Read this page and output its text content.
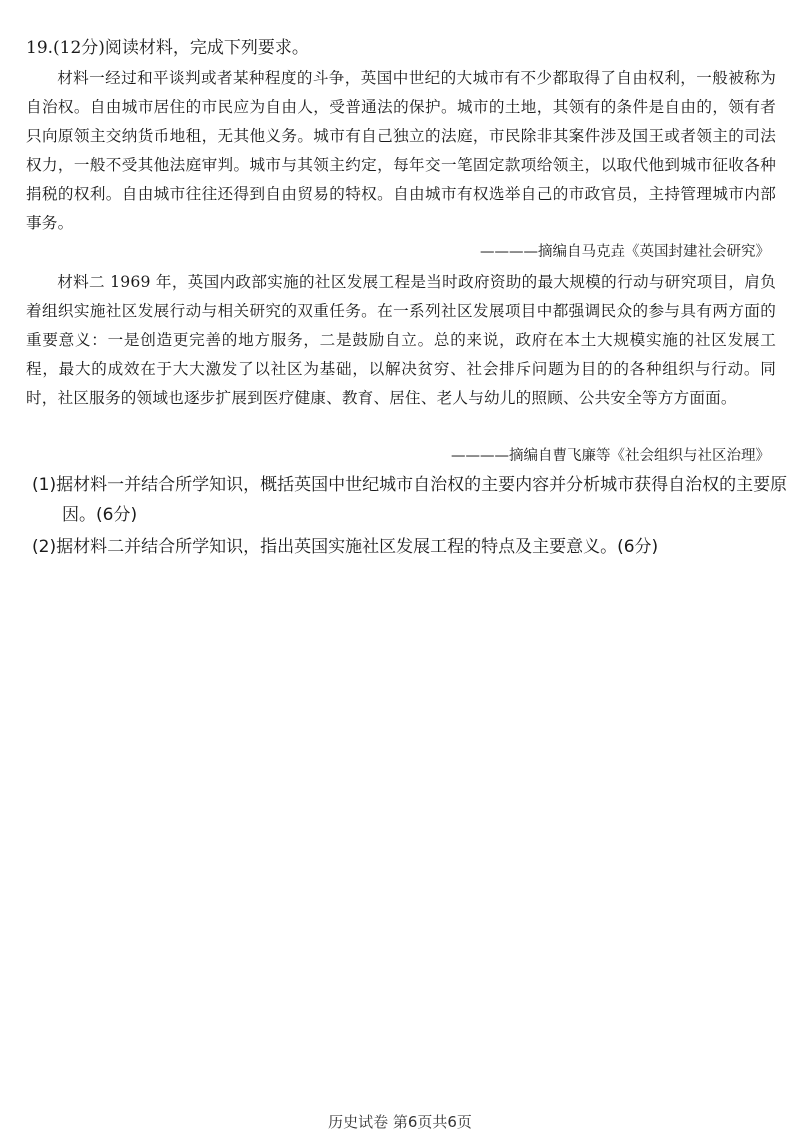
19.(12分)阅读材料，完成下列要求。

材料一经过和平谈判或者某种程度的斗争，英国中世纪的大城市有不少都取得了自由权利，一般被称为自治权。自由城市居住的市民应为自由人，受普通法的保护。城市的土地，其领有的条件是自由的，领有者只向原领主交纳货币地租，无其他义务。城市有自己独立的法庭，市民除非其案件涉及国王或者领主的司法权力，一般不受其他法庭审判。城市与其领主约定，每年交一笔固定款项给领主，以取代他到城市征收各种捐税的权利。自由城市往往还得到自由贸易的特权。自由城市有权选举自己的市政官员，主持管理城市内部事务。

————摘编自马克垚《英国封建社会研究》

材料二 1969 年，英国内政部实施的社区发展工程是当时政府资助的最大规模的行动与研究项目，肩负着组织实施社区发展行动与相关研究的双重任务。在一系列社区发展项目中都强调民众的参与具有两方面的重要意义：一是创造更完善的地方服务，二是鼓励自立。总的来说，政府在本土大规模实施的社区发展工程，最大的成效在于大大激发了以社区为基础，以解决贫穷、社会排斥问题为目的的各种组织与行动。同时，社区服务的领域也逐步扩展到医疗健康、教育、居住、老人与幼儿的照顾、公共安全等方方面面。

————摘编自曹飞廉等《社会组织与社区治理》

(1)据材料一并结合所学知识，概括英国中世纪城市自治权的主要内容并分析城市获得自治权的主要原因。(6分)

(2)据材料二并结合所学知识，指出英国实施社区发展工程的特点及主要意义。(6分)

历史试卷 第6页共6页
